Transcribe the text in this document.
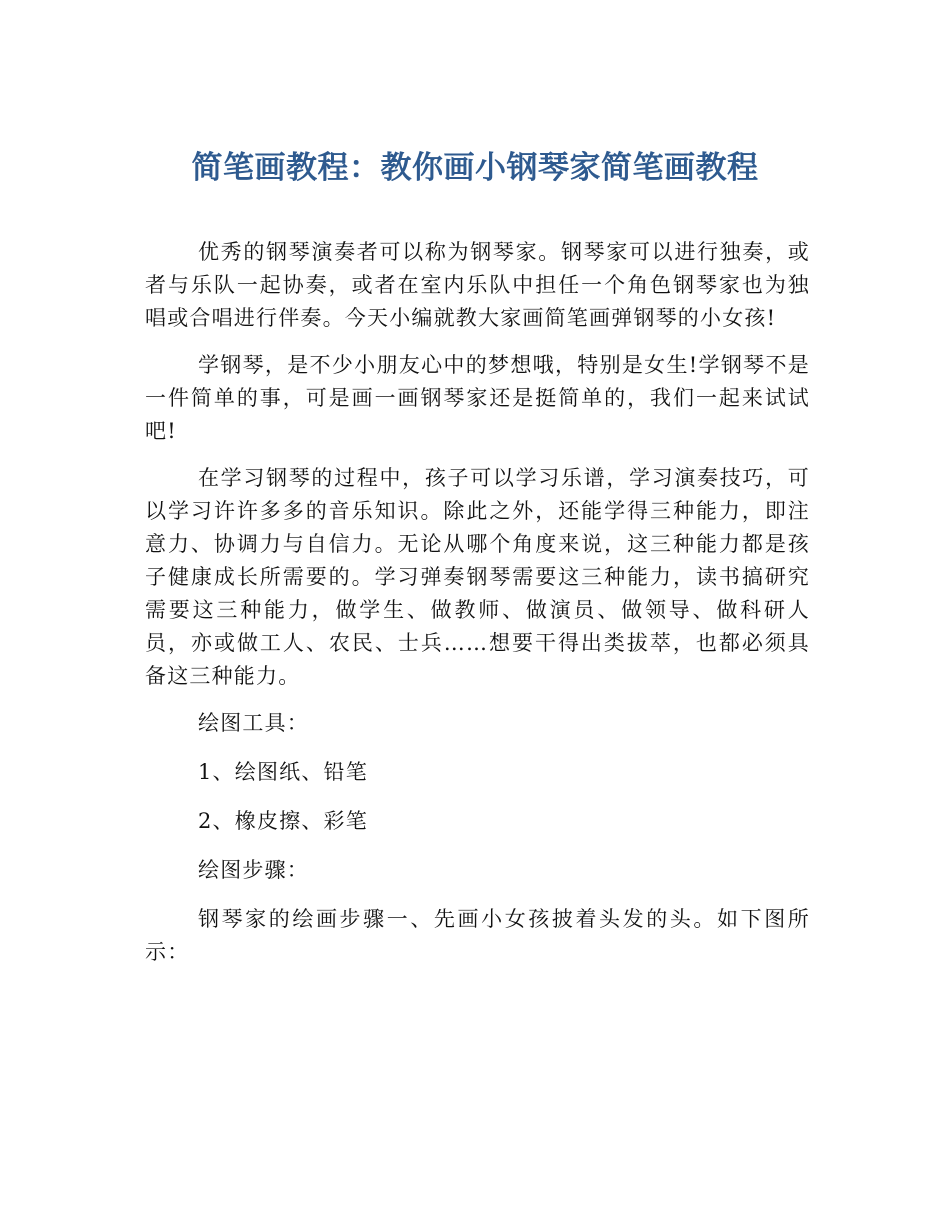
简笔画教程：教你画小钢琴家简笔画教程

优秀的钢琴演奏者可以称为钢琴家。钢琴家可以进行独奏，或者与乐队一起协奏，或者在室内乐队中担任一个角色钢琴家也为独唱或合唱进行伴奏。今天小编就教大家画简笔画弹钢琴的小女孩!

学钢琴，是不少小朋友心中的梦想哦，特别是女生!学钢琴不是一件简单的事，可是画一画钢琴家还是挺简单的，我们一起来试试吧!

在学习钢琴的过程中，孩子可以学习乐谱，学习演奏技巧，可以学习许许多多的音乐知识。除此之外，还能学得三种能力，即注意力、协调力与自信力。无论从哪个角度来说，这三种能力都是孩子健康成长所需要的。学习弹奏钢琴需要这三种能力，读书搞研究需要这三种能力，做学生、做教师、做演员、做领导、做科研人员，亦或做工人、农民、士兵……想要干得出类拔萃，也都必须具备这三种能力。

绘图工具：

1、绘图纸、铅笔

2、橡皮擦、彩笔

绘图步骤：

钢琴家的绘画步骤一、先画小女孩披着头发的头。如下图所示：
